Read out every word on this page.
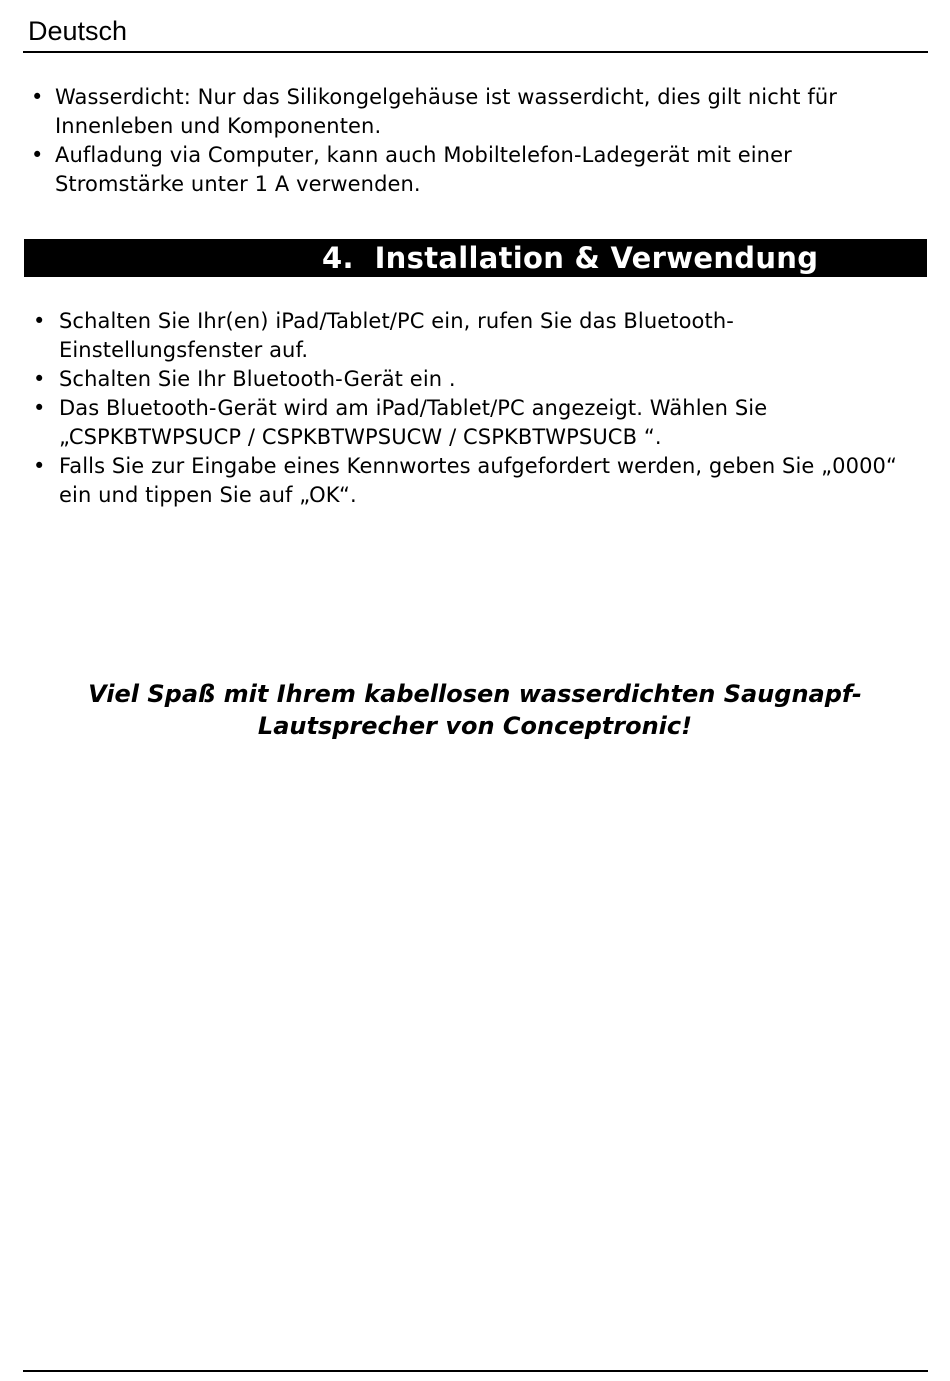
Deutsch
• Wasserdicht: Nur das Silikongelgehäuse ist wasserdicht, dies gilt nicht für Innenleben und Komponenten.
• Aufladung via Computer, kann auch Mobiltelefon-Ladegerät mit einer Stromstärke unter 1 A verwenden.
4. Installation & Verwendung
• Schalten Sie Ihr(en) iPad/Tablet/PC ein, rufen Sie das Bluetooth-Einstellungsfenster auf.
• Schalten Sie Ihr Bluetooth-Gerät ein .
• Das Bluetooth-Gerät wird am iPad/Tablet/PC angezeigt. Wählen Sie „CSPKBTWPSUCP / CSPKBTWPSUCW / CSPKBTWPSUCB “.
• Falls Sie zur Eingabe eines Kennwortes aufgefordert werden, geben Sie „0000“ ein und tippen Sie auf „OK“.
Viel Spaß mit Ihrem kabellosen wasserdichten Saugnapf-
Lautsprecher von Conceptronic!
